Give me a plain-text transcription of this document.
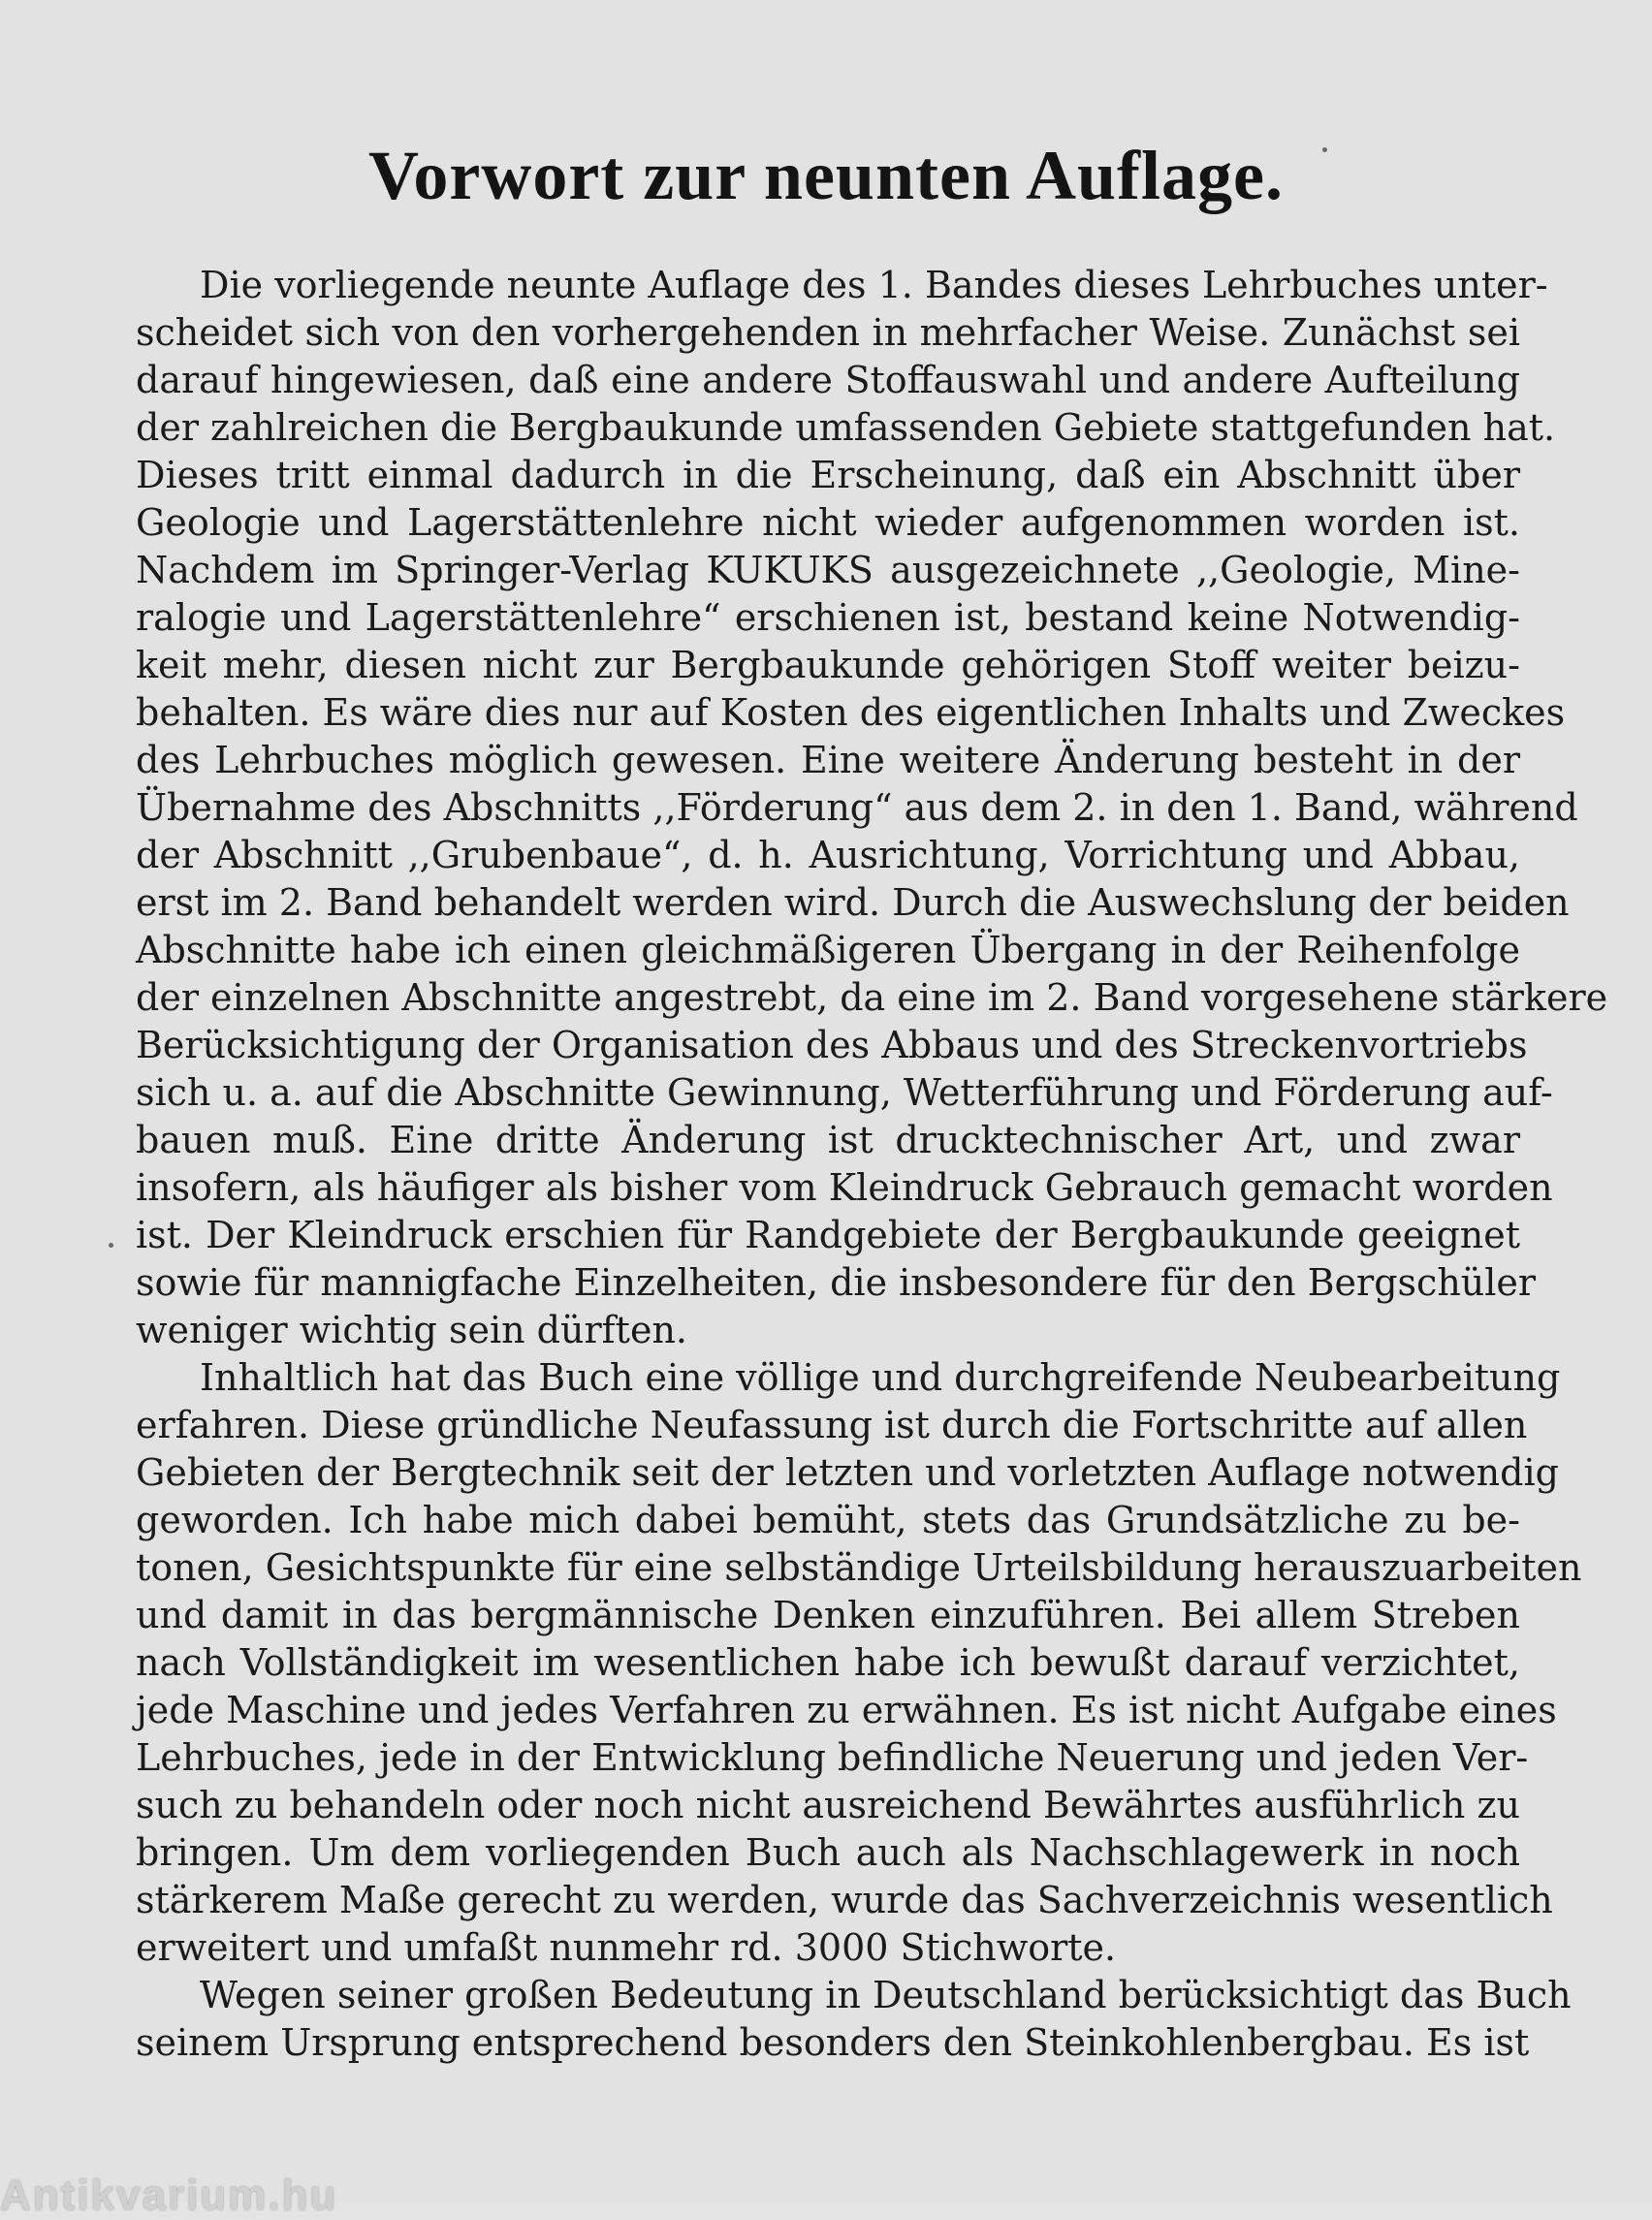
Vorwort zur neunten Auflage.
Die vorliegende neunte Auflage des 1. Bandes dieses Lehrbuches unter-
scheidet sich von den vorhergehenden in mehrfacher Weise. Zunächst sei
darauf hingewiesen, daß eine andere Stoffauswahl und andere Aufteilung
der zahlreichen die Bergbaukunde umfassenden Gebiete stattgefunden hat.
Dieses tritt einmal dadurch in die Erscheinung, daß ein Abschnitt über
Geologie und Lagerstättenlehre nicht wieder aufgenommen worden ist.
Nachdem im Springer-Verlag KUKUKS ausgezeichnete ,,Geologie, Mine-
ralogie und Lagerstättenlehre“ erschienen ist, bestand keine Notwendig-
keit mehr, diesen nicht zur Bergbaukunde gehörigen Stoff weiter beizu-
behalten. Es wäre dies nur auf Kosten des eigentlichen Inhalts und Zweckes
des Lehrbuches möglich gewesen. Eine weitere Änderung besteht in der
Übernahme des Abschnitts ,,Förderung“ aus dem 2. in den 1. Band, während
der Abschnitt ,,Grubenbaue“, d. h. Ausrichtung, Vorrichtung und Abbau,
erst im 2. Band behandelt werden wird. Durch die Auswechslung der beiden
Abschnitte habe ich einen gleichmäßigeren Übergang in der Reihenfolge
der einzelnen Abschnitte angestrebt, da eine im 2. Band vorgesehene stärkere
Berücksichtigung der Organisation des Abbaus und des Streckenvortriebs
sich u. a. auf die Abschnitte Gewinnung, Wetterführung und Förderung auf-
bauen muß. Eine dritte Änderung ist drucktechnischer Art, und zwar
insofern, als häufiger als bisher vom Kleindruck Gebrauch gemacht worden
ist. Der Kleindruck erschien für Randgebiete der Bergbaukunde geeignet
sowie für mannigfache Einzelheiten, die insbesondere für den Bergschüler
weniger wichtig sein dürften.
Inhaltlich hat das Buch eine völlige und durchgreifende Neubearbeitung
erfahren. Diese gründliche Neufassung ist durch die Fortschritte auf allen
Gebieten der Bergtechnik seit der letzten und vorletzten Auflage notwendig
geworden. Ich habe mich dabei bemüht, stets das Grundsätzliche zu be-
tonen, Gesichtspunkte für eine selbständige Urteilsbildung herauszuarbeiten
und damit in das bergmännische Denken einzuführen. Bei allem Streben
nach Vollständigkeit im wesentlichen habe ich bewußt darauf verzichtet,
jede Maschine und jedes Verfahren zu erwähnen. Es ist nicht Aufgabe eines
Lehrbuches, jede in der Entwicklung befindliche Neuerung und jeden Ver-
such zu behandeln oder noch nicht ausreichend Bewährtes ausführlich zu
bringen. Um dem vorliegenden Buch auch als Nachschlagewerk in noch
stärkerem Maße gerecht zu werden, wurde das Sachverzeichnis wesentlich
erweitert und umfaßt nunmehr rd. 3000 Stichworte.
Wegen seiner großen Bedeutung in Deutschland berücksichtigt das Buch
seinem Ursprung entsprechend besonders den Steinkohlenbergbau. Es ist
Antikvarium.hu
